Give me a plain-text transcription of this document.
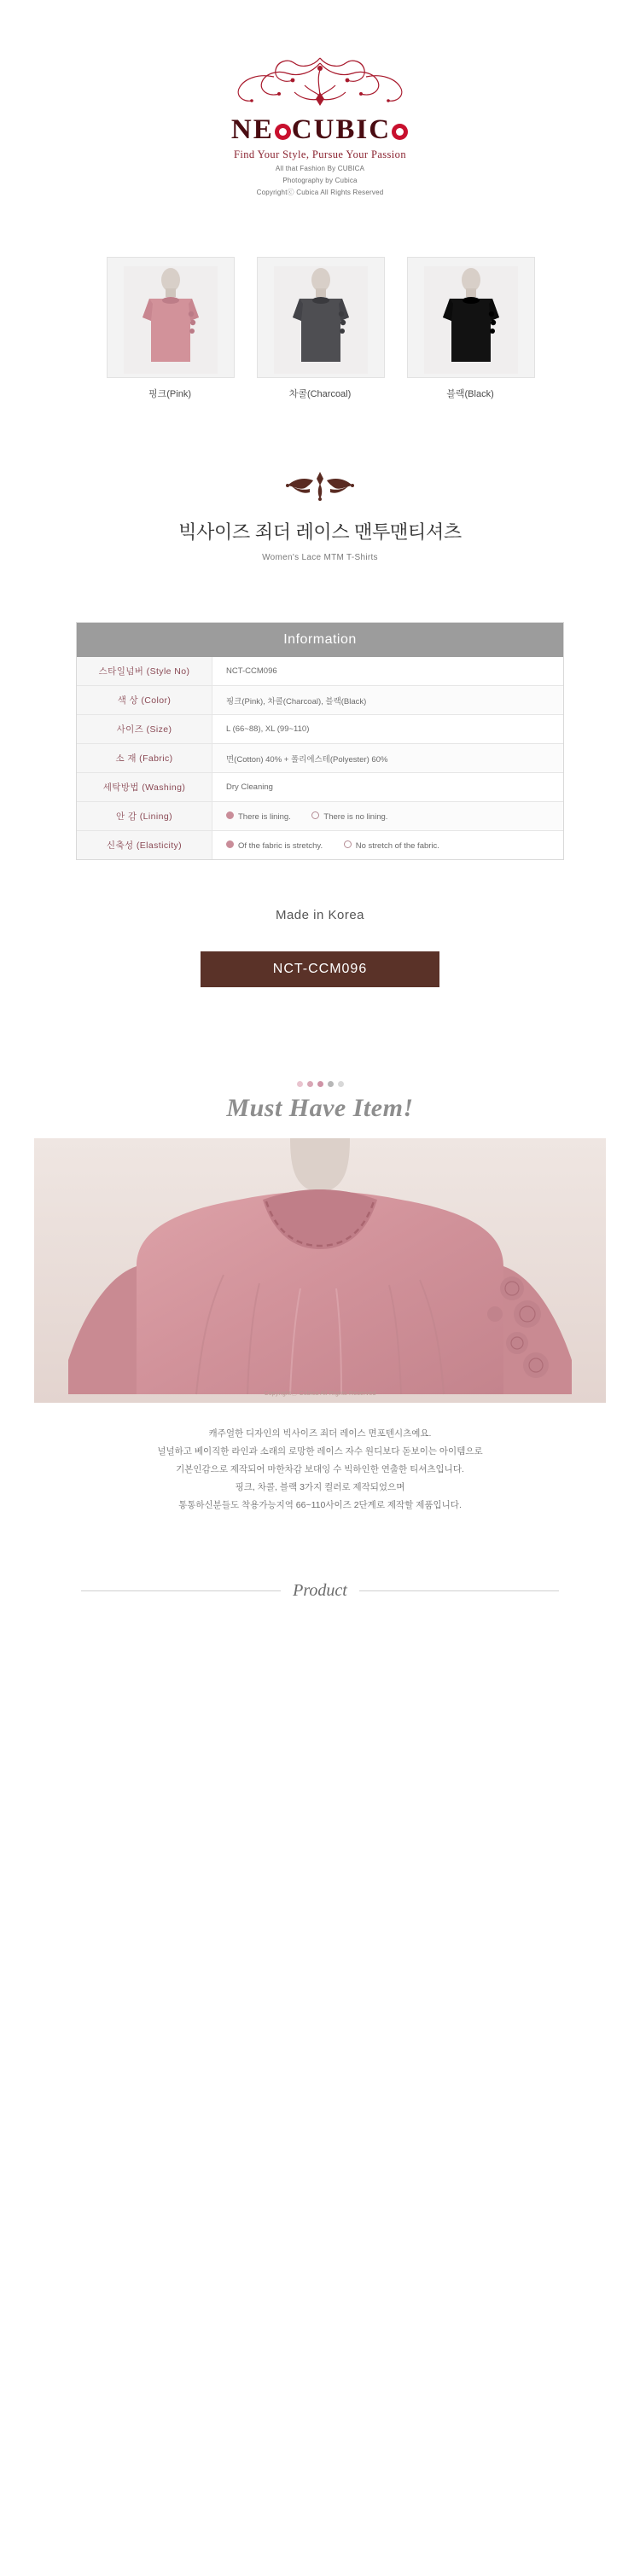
NE CUBIC
Find Your Style, Pursue Your Passion
All that Fashion By CUBICA
Photography by Cubica
Copyrightⓒ Cubica All Rights Reserved
핑크(Pink)	차콜(Charcoal)	블랙(Black)
빅사이즈 죄더 레이스 맨투맨티셔츠
Women's Lace MTM T-Shirts
Information
스타일넘버 (Style No)	NCT-CCM096
색 상 (Color)	핑크(Pink), 차콜(Charcoal), 블랙(Black)
사이즈 (Size)	L (66~88), XL (99~110)
소 재 (Fabric)	면(Cotton) 40% + 폴리에스테(Polyester) 60%
세탁방법 (Washing)	Dry Cleaning
안 감 (Lining)	There is lining. There is no lining.
신축성 (Elasticity)	Of the fabric is stretchy. No stretch of the fabric.
Made in Korea
NCT-CCM096
Must Have Item!
Copyrightⓒ Cubica All Rights Reserved
캐주얼한 디자인의 빅사이즈 죄더 레이스 면포텐시츠예요.
널널하고 베이직한 라인과 소래의 로망한 레이스 자수 원디보다 돋보이는 아이템으로
기본인감으로 제작되어 마한차감 보대잉 수 빅하인한 연출한 티셔츠입니다.
핑크, 차콜, 블랙 3가지 컬러로 제작되었으며
통통하신분들도 착용가능지역 66~110사이즈 2단계로 제작할 제품입니다.
Product
